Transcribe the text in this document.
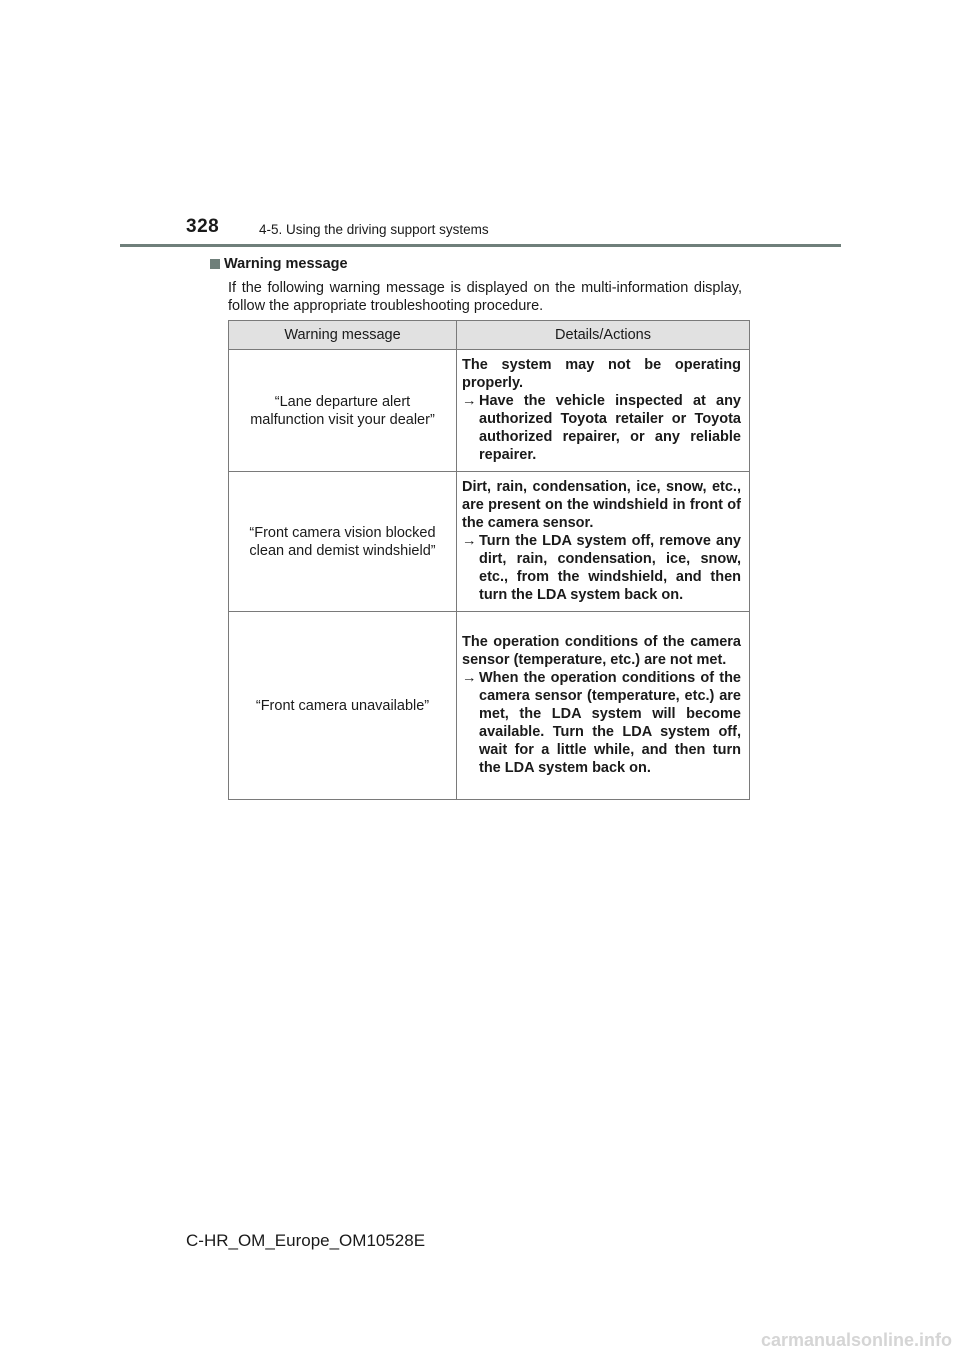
328	4-5. Using the driving support systems
Warning message
If the following warning message is displayed on the multi-information display, follow the appropriate troubleshooting procedure.
Warning message	Details/Actions

“Lane departure alert malfunction visit your dealer”	The system may not be operating properly.
→ Have the vehicle inspected at any authorized Toyota retailer or Toyota authorized repairer, or any reliable repairer.

“Front camera vision blocked clean and demist windshield”	Dirt, rain, condensation, ice, snow, etc., are present on the windshield in front of the camera sensor.
→ Turn the LDA system off, remove any dirt, rain, condensation, ice, snow, etc., from the windshield, and then turn the LDA system back on.

“Front camera unavailable”	The operation conditions of the camera sensor (temperature, etc.) are not met.
→ When the operation conditions of the camera sensor (temperature, etc.) are met, the LDA system will become available. Turn the LDA system off, wait for a little while, and then turn the LDA system back on.
C-HR_OM_Europe_OM10528E
carmanualsonline.info
